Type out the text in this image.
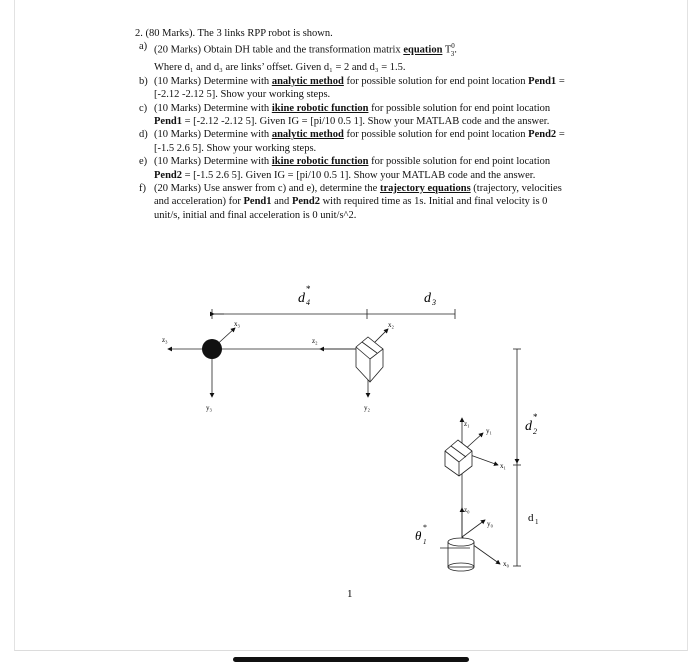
2. (80 Marks). The 3 links RPP robot is shown.

a) (20 Marks) Obtain DH table and the transformation matrix equation $T^0_3$.
Where d₁ and d₃ are links’ offset. Given d₁ = 2 and d₃ = 1.5.
b) (10 Marks) Determine with analytic method for possible solution for end point location Pend1 = [-2.12 -2.12 5]. Show your working steps.
c) (10 Marks) Determine with ikine robotic function for possible solution for end point location Pend1 = [-2.12 -2.12 5]. Given IG = [pi/10 0.5 1]. Show your MATLAB code and the answer.
d) (10 Marks) Determine with analytic method for possible solution for end point location Pend2 = [-1.5 2.6 5]. Show your working steps.
e) (10 Marks) Determine with ikine robotic function for possible solution for end point location Pend2 = [-1.5 2.6 5]. Given IG = [pi/10 0.5 1]. Show your MATLAB code and the answer.
f) (20 Marks) Use answer from c) and e), determine the trajectory equations (trajectory, velocities and acceleration) for Pend1 and Pend2 with required time as 1s. Initial and final velocity is 0 unit/s, initial and final acceleration is 0 unit/s^2.
d 4
*
d 3
x₃
z₃
y₃
x₂
z₂
y₂
d 2
*
d 1
z₁
y₁
x₁
z₀
y₀
x₀
θ 1
*
1
